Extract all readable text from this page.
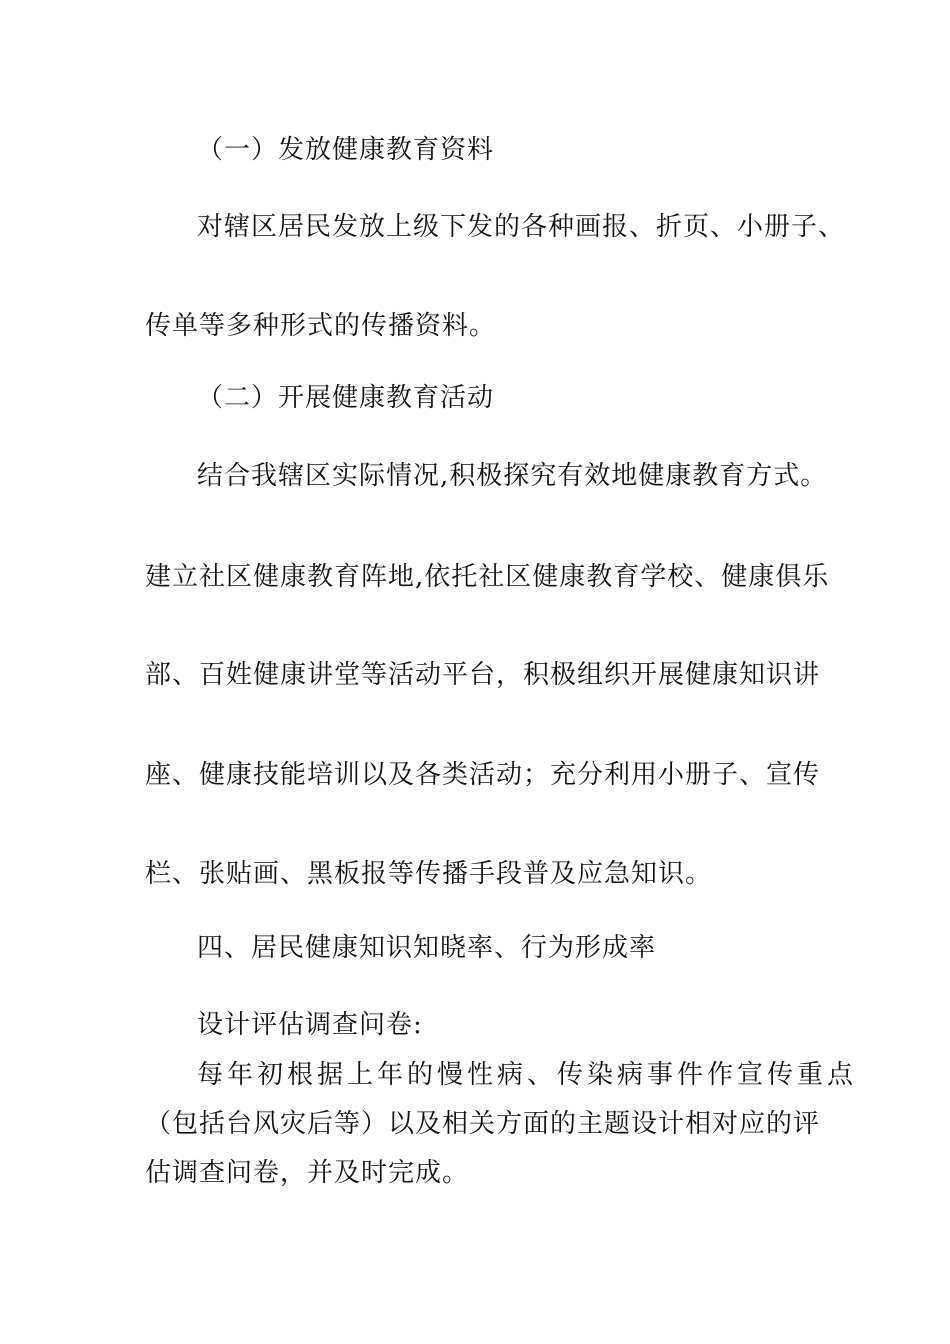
（一）发放健康教育资料
对辖区居民发放上级下发的各种画报、折页、小册子、
传单等多种形式的传播资料。
（二）开展健康教育活动
结合我辖区实际情况,积极探究有效地健康教育方式。
建立社区健康教育阵地,依托社区健康教育学校、健康俱乐
部、百姓健康讲堂等活动平台，积极组织开展健康知识讲
座、健康技能培训以及各类活动；充分利用小册子、宣传
栏、张贴画、黑板报等传播手段普及应急知识。
四、居民健康知识知晓率、行为形成率
设计评估调查问卷:
每年初根据上年的慢性病、传染病事件作宣传重点
（包括台风灾后等）以及相关方面的主题设计相对应的评
估调查问卷，并及时完成。
